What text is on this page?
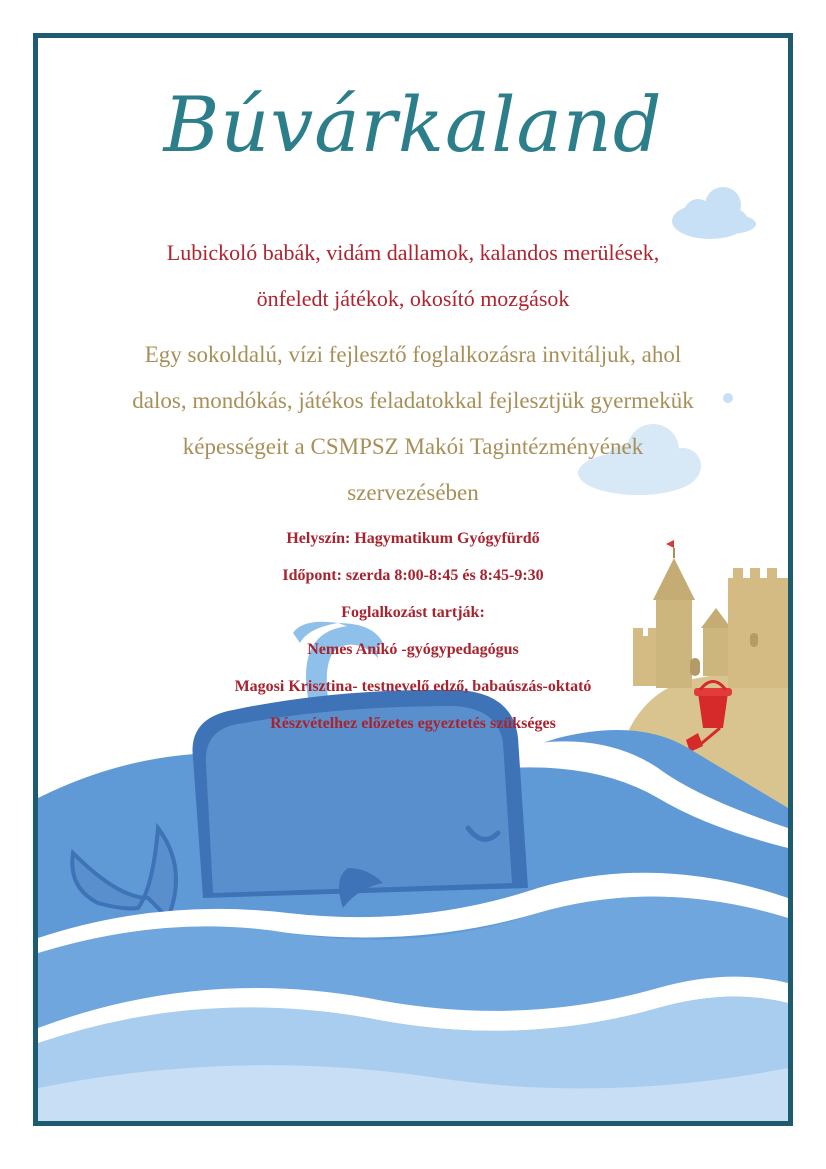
Búvárkaland
Lubickoló babák, vidám dallamok, kalandos merülések,
önfeledt játékok, okosító mozgások
Egy sokoldalú, vízi fejlesztő foglalkozásra invitáljuk, ahol
dalos, mondókás, játékos feladatokkal fejlesztjük gyermekük
képességeit a CSMPSZ Makói Tagintézményének
szervezésében
Helyszín: Hagymatikum Gyógyfürdő
Időpont: szerda 8:00-8:45 és 8:45-9:30
Foglalkozást tartják:
Nemes Anikó -gyógypedagógus
Magosi Krisztina- testnevelő edző, babaúszás-oktató
Részvételhez előzetes egyeztetés szükséges
